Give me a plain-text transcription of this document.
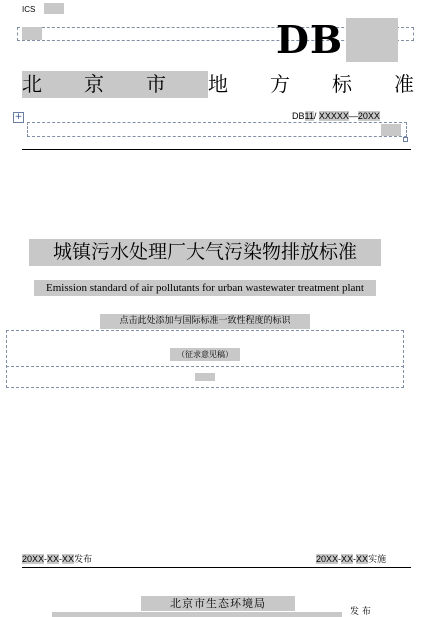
ICS
DB
北 京 市 地 方 标 准
+	DB11/ XXXXX—20XX
城镇污水处理厂大气污染物排放标准
Emission standard of air pollutants for urban wastewater treatment plant
点击此处添加与国际标准一致性程度的标识
（征求意见稿）
20XX-XX-XX发布	20XX-XX-XX实施
北京市生态环境局
发 布
